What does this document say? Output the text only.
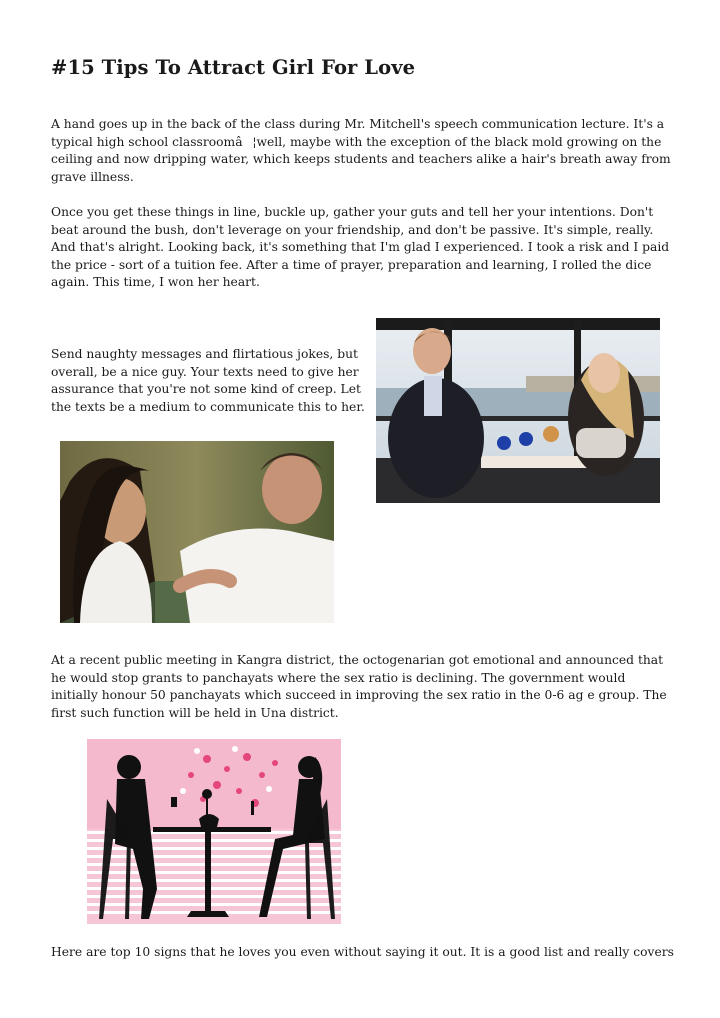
#15 Tips To Attract Girl For Love

A hand goes up in the back of the class during Mr. Mitchell's speech communication lecture. It's a typical high school classroomâ¦well, maybe with the exception of the black mold growing on the ceiling and now dripping water, which keeps students and teachers alike a hair's breath away from grave illness.

Once you get these things in line, buckle up, gather your guts and tell her your intentions. Don't beat around the bush, don't leverage on your friendship, and don't be passive. It's simple, really. And that's alright. Looking back, it's something that I'm glad I experienced. I took a risk and I paid the price - sort of a tuition fee. After a time of prayer, preparation and learning, I rolled the dice again. This time, I won her heart.

Send naughty messages and flirtatious jokes, but overall, be a nice guy. Your texts need to give her assurance that you're not some kind of creep. Let the texts be a medium to communicate this to her.

At a recent public meeting in Kangra district, the octogenarian got emotional and announced that he would stop grants to panchayats where the sex ratio is declining. The government would initially honour 50 panchayats which succeed in improving the sex ratio in the 0-6 ag e group. The first such function will be held in Una district.

Here are top 10 signs that he loves you even without saying it out. It is a good list and really covers
